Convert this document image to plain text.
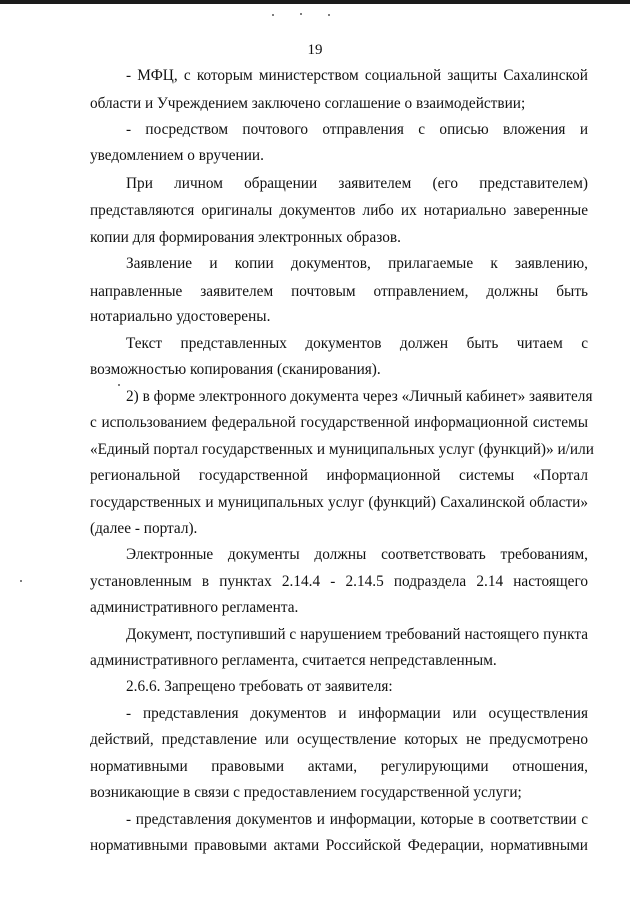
19
- МФЦ, с которым министерством социальной защиты Сахалинской
области и Учреждением заключено соглашение о взаимодействии;
- посредством почтового отправления с описью вложения и
уведомлением о вручении.
При личном обращении заявителем (его представителем)
представляются оригиналы документов либо их нотариально заверенные
копии для формирования электронных образов.
Заявление и копии документов, прилагаемые к заявлению,
направленные заявителем почтовым отправлением, должны быть
нотариально удостоверены.
Текст представленных документов должен быть читаем с
возможностью копирования (сканирования).
2) в форме электронного документа через «Личный кабинет» заявителя
с использованием федеральной государственной информационной системы
«Единый портал государственных и муниципальных услуг (функций)» и/или
региональной государственной информационной системы «Портал
государственных и муниципальных услуг (функций) Сахалинской области»
(далее - портал).
Электронные документы должны соответствовать требованиям,
установленным в пунктах 2.14.4 - 2.14.5 подраздела 2.14 настоящего
административного регламента.
Документ, поступивший с нарушением требований настоящего пункта
административного регламента, считается непредставленным.
2.6.6. Запрещено требовать от заявителя:
- представления документов и информации или осуществления
действий, представление или осуществление которых не предусмотрено
нормативными правовыми актами, регулирующими отношения,
возникающие в связи с предоставлением государственной услуги;
- представления документов и информации, которые в соответствии с
нормативными правовыми актами Российской Федерации, нормативными
